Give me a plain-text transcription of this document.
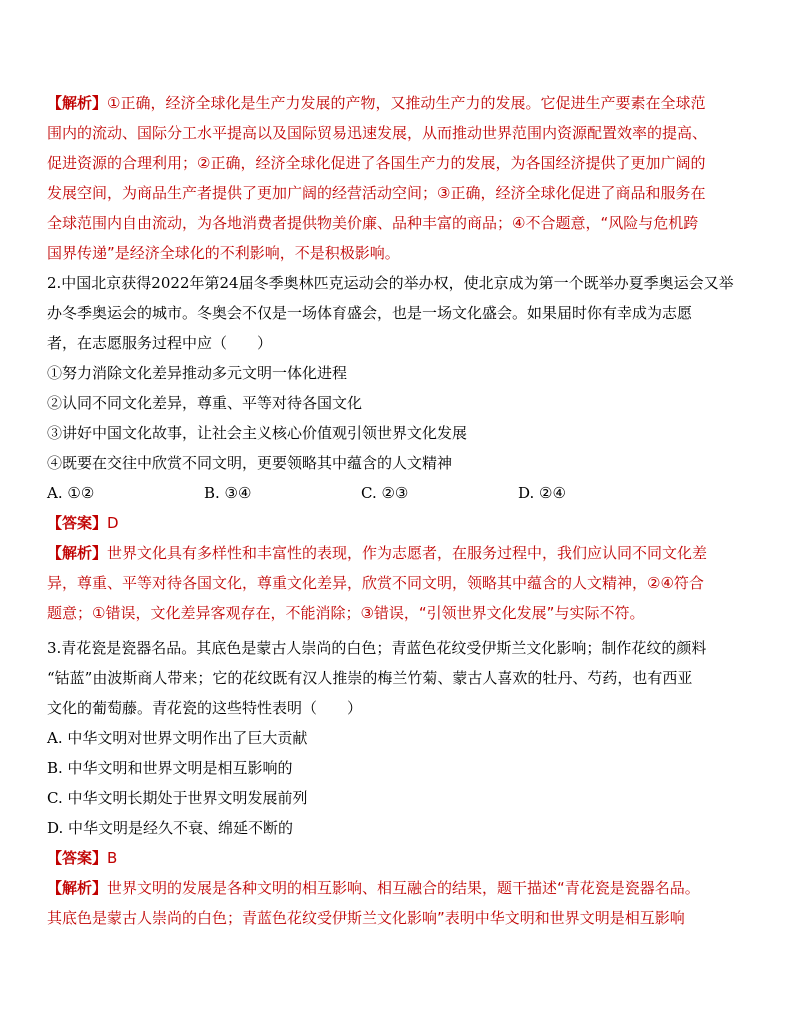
【解析】①正确，经济全球化是生产力发展的产物，又推动生产力的发展。它促进生产要素在全球范
围内的流动、国际分工水平提高以及国际贸易迅速发展，从而推动世界范围内资源配置效率的提高、
促进资源的合理利用；②正确，经济全球化促进了各国生产力的发展，为各国经济提供了更加广阔的
发展空间，为商品生产者提供了更加广阔的经营活动空间；③正确，经济全球化促进了商品和服务在
全球范围内自由流动，为各地消费者提供物美价廉、品种丰富的商品；④不合题意，“风险与危机跨
国界传递”是经济全球化的不利影响，不是积极影响。
2.中国北京获得2022年第24届冬季奥林匹克运动会的举办权，使北京成为第一个既举办夏季奥运会又举
办冬季奥运会的城市。冬奥会不仅是一场体育盛会，也是一场文化盛会。如果届时你有幸成为志愿
者，在志愿服务过程中应（　　）
①努力消除文化差异推动多元文明一体化进程
②认同不同文化差异，尊重、平等对待各国文化
③讲好中国文化故事，让社会主义核心价值观引领世界文化发展
④既要在交往中欣赏不同文明，更要领略其中蕴含的人文精神
A. ①②	B. ③④	C. ②③	D. ②④
【答案】D
【解析】世界文化具有多样性和丰富性的表现，作为志愿者，在服务过程中，我们应认同不同文化差
异，尊重、平等对待各国文化，尊重文化差异，欣赏不同文明，领略其中蕴含的人文精神，②④符合
题意；①错误，文化差异客观存在，不能消除；③错误，“引领世界文化发展”与实际不符。
3.青花瓷是瓷器名品。其底色是蒙古人崇尚的白色；青蓝色花纹受伊斯兰文化影响；制作花纹的颜料
“钴蓝”由波斯商人带来；它的花纹既有汉人推崇的梅兰竹菊、蒙古人喜欢的牡丹、芍药，也有西亚
文化的葡萄藤。青花瓷的这些特性表明（　　）
A. 中华文明对世界文明作出了巨大贡献
B. 中华文明和世界文明是相互影响的
C. 中华文明长期处于世界文明发展前列
D. 中华文明是经久不衰、绵延不断的
【答案】B
【解析】世界文明的发展是各种文明的相互影响、相互融合的结果，题干描述“青花瓷是瓷器名品。
其底色是蒙古人崇尚的白色；青蓝色花纹受伊斯兰文化影响”表明中华文明和世界文明是相互影响
